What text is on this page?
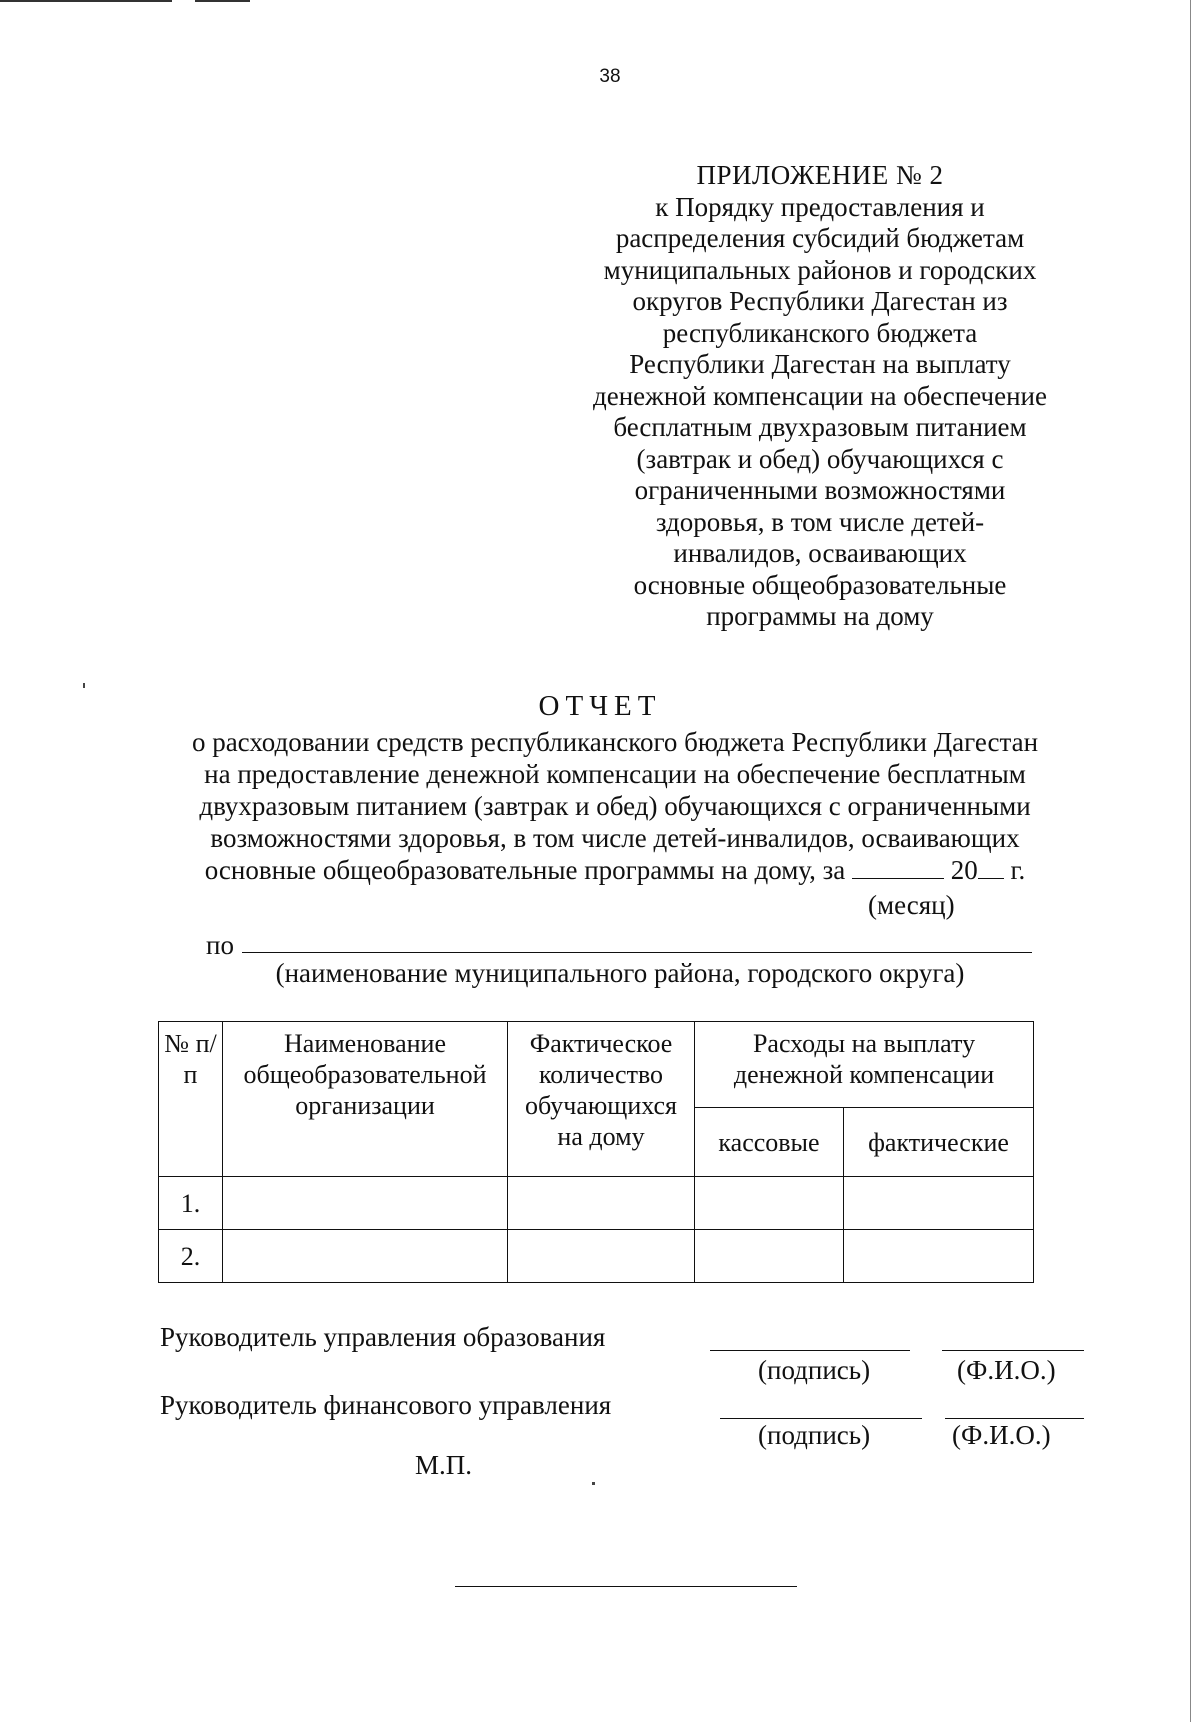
38
ПРИЛОЖЕНИЕ № 2
к Порядку предоставления и
распределения субсидий бюджетам
муниципальных районов и городских
округов Республики Дагестан из
республиканского бюджета
Республики Дагестан на выплату
денежной компенсации на обеспечение
бесплатным двухразовым питанием
(завтрак и обед) обучающихся с
ограниченными возможностями
здоровья, в том числе детей-
инвалидов, осваивающих
основные общеобразовательные
программы на дому
ОТЧЕТ
о расходовании средств республиканского бюджета Республики Дагестан
на предоставление денежной компенсации на обеспечение бесплатным
двухразовым питанием (завтрак и обед) обучающихся с ограниченными
возможностями здоровья, в том числе детей-инвалидов, осваивающих
основные общеобразовательные программы на дому, за	20 г.
(месяц)
по
(наименование муниципального района, городского округа)
№ п/п	Наименование общеобразовательной организации	Фактическое количество обучающихся на дому	Расходы на выплату денежной компенсации	
			кассовые	фактические
1.				
2.				
Руководитель управления образования
(подпись)	(Ф.И.О.)
Руководитель финансового управления
(подпись)	(Ф.И.О.)
М.П.
